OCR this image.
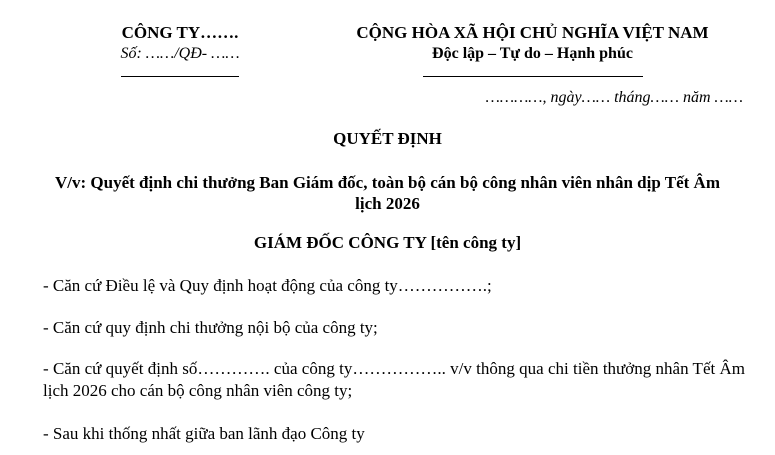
CÔNG TY…….
Số: ……/QĐ- ……
CỘNG HÒA XÃ HỘI CHỦ NGHĨA VIỆT NAM
Độc lập – Tự do – Hạnh phúc
…………, ngày…… tháng…… năm ……
QUYẾT ĐỊNH
V/v: Quyết định chi thưởng Ban Giám đốc, toàn bộ cán bộ công nhân viên nhân dịp Tết Âm lịch 2026
GIÁM ĐỐC CÔNG TY [tên công ty]
- Căn cứ Điều lệ và Quy định hoạt động của công ty…………….;
- Căn cứ quy định chi thưởng nội bộ của công ty;
- Căn cứ quyết định số…………. của công ty…………….. v/v thông qua chi tiền thưởng nhân Tết Âm lịch 2026 cho cán bộ công nhân viên công ty;
- Sau khi thống nhất giữa ban lãnh đạo Công ty
